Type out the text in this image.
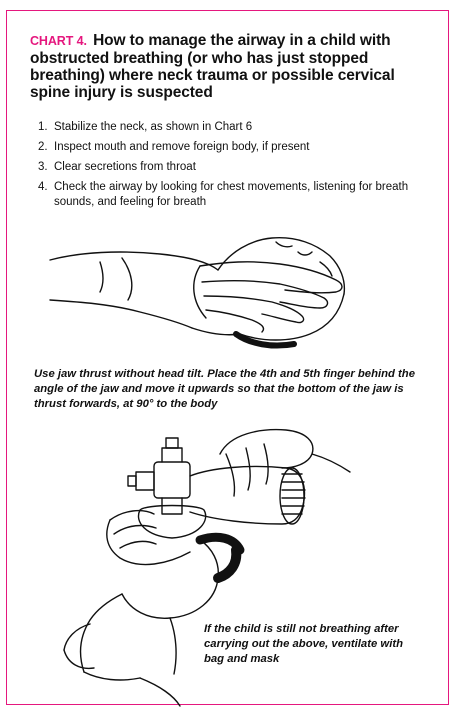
CHART 4. How to manage the airway in a child with obstructed breathing (or who has just stopped breathing) where neck trauma or possible cervical spine injury is suspected
1. Stabilize the neck, as shown in Chart 6
2. Inspect mouth and remove foreign body, if present
3. Clear secretions from throat
4. Check the airway by looking for chest movements, listening for breath sounds, and feeling for breath
Use jaw thrust without head tilt. Place the 4th and 5th finger behind the angle of the jaw and move it upwards so that the bottom of the jaw is thrust forwards, at 90° to the body
If the child is still not breathing after carrying out the above, ventilate with bag and mask
